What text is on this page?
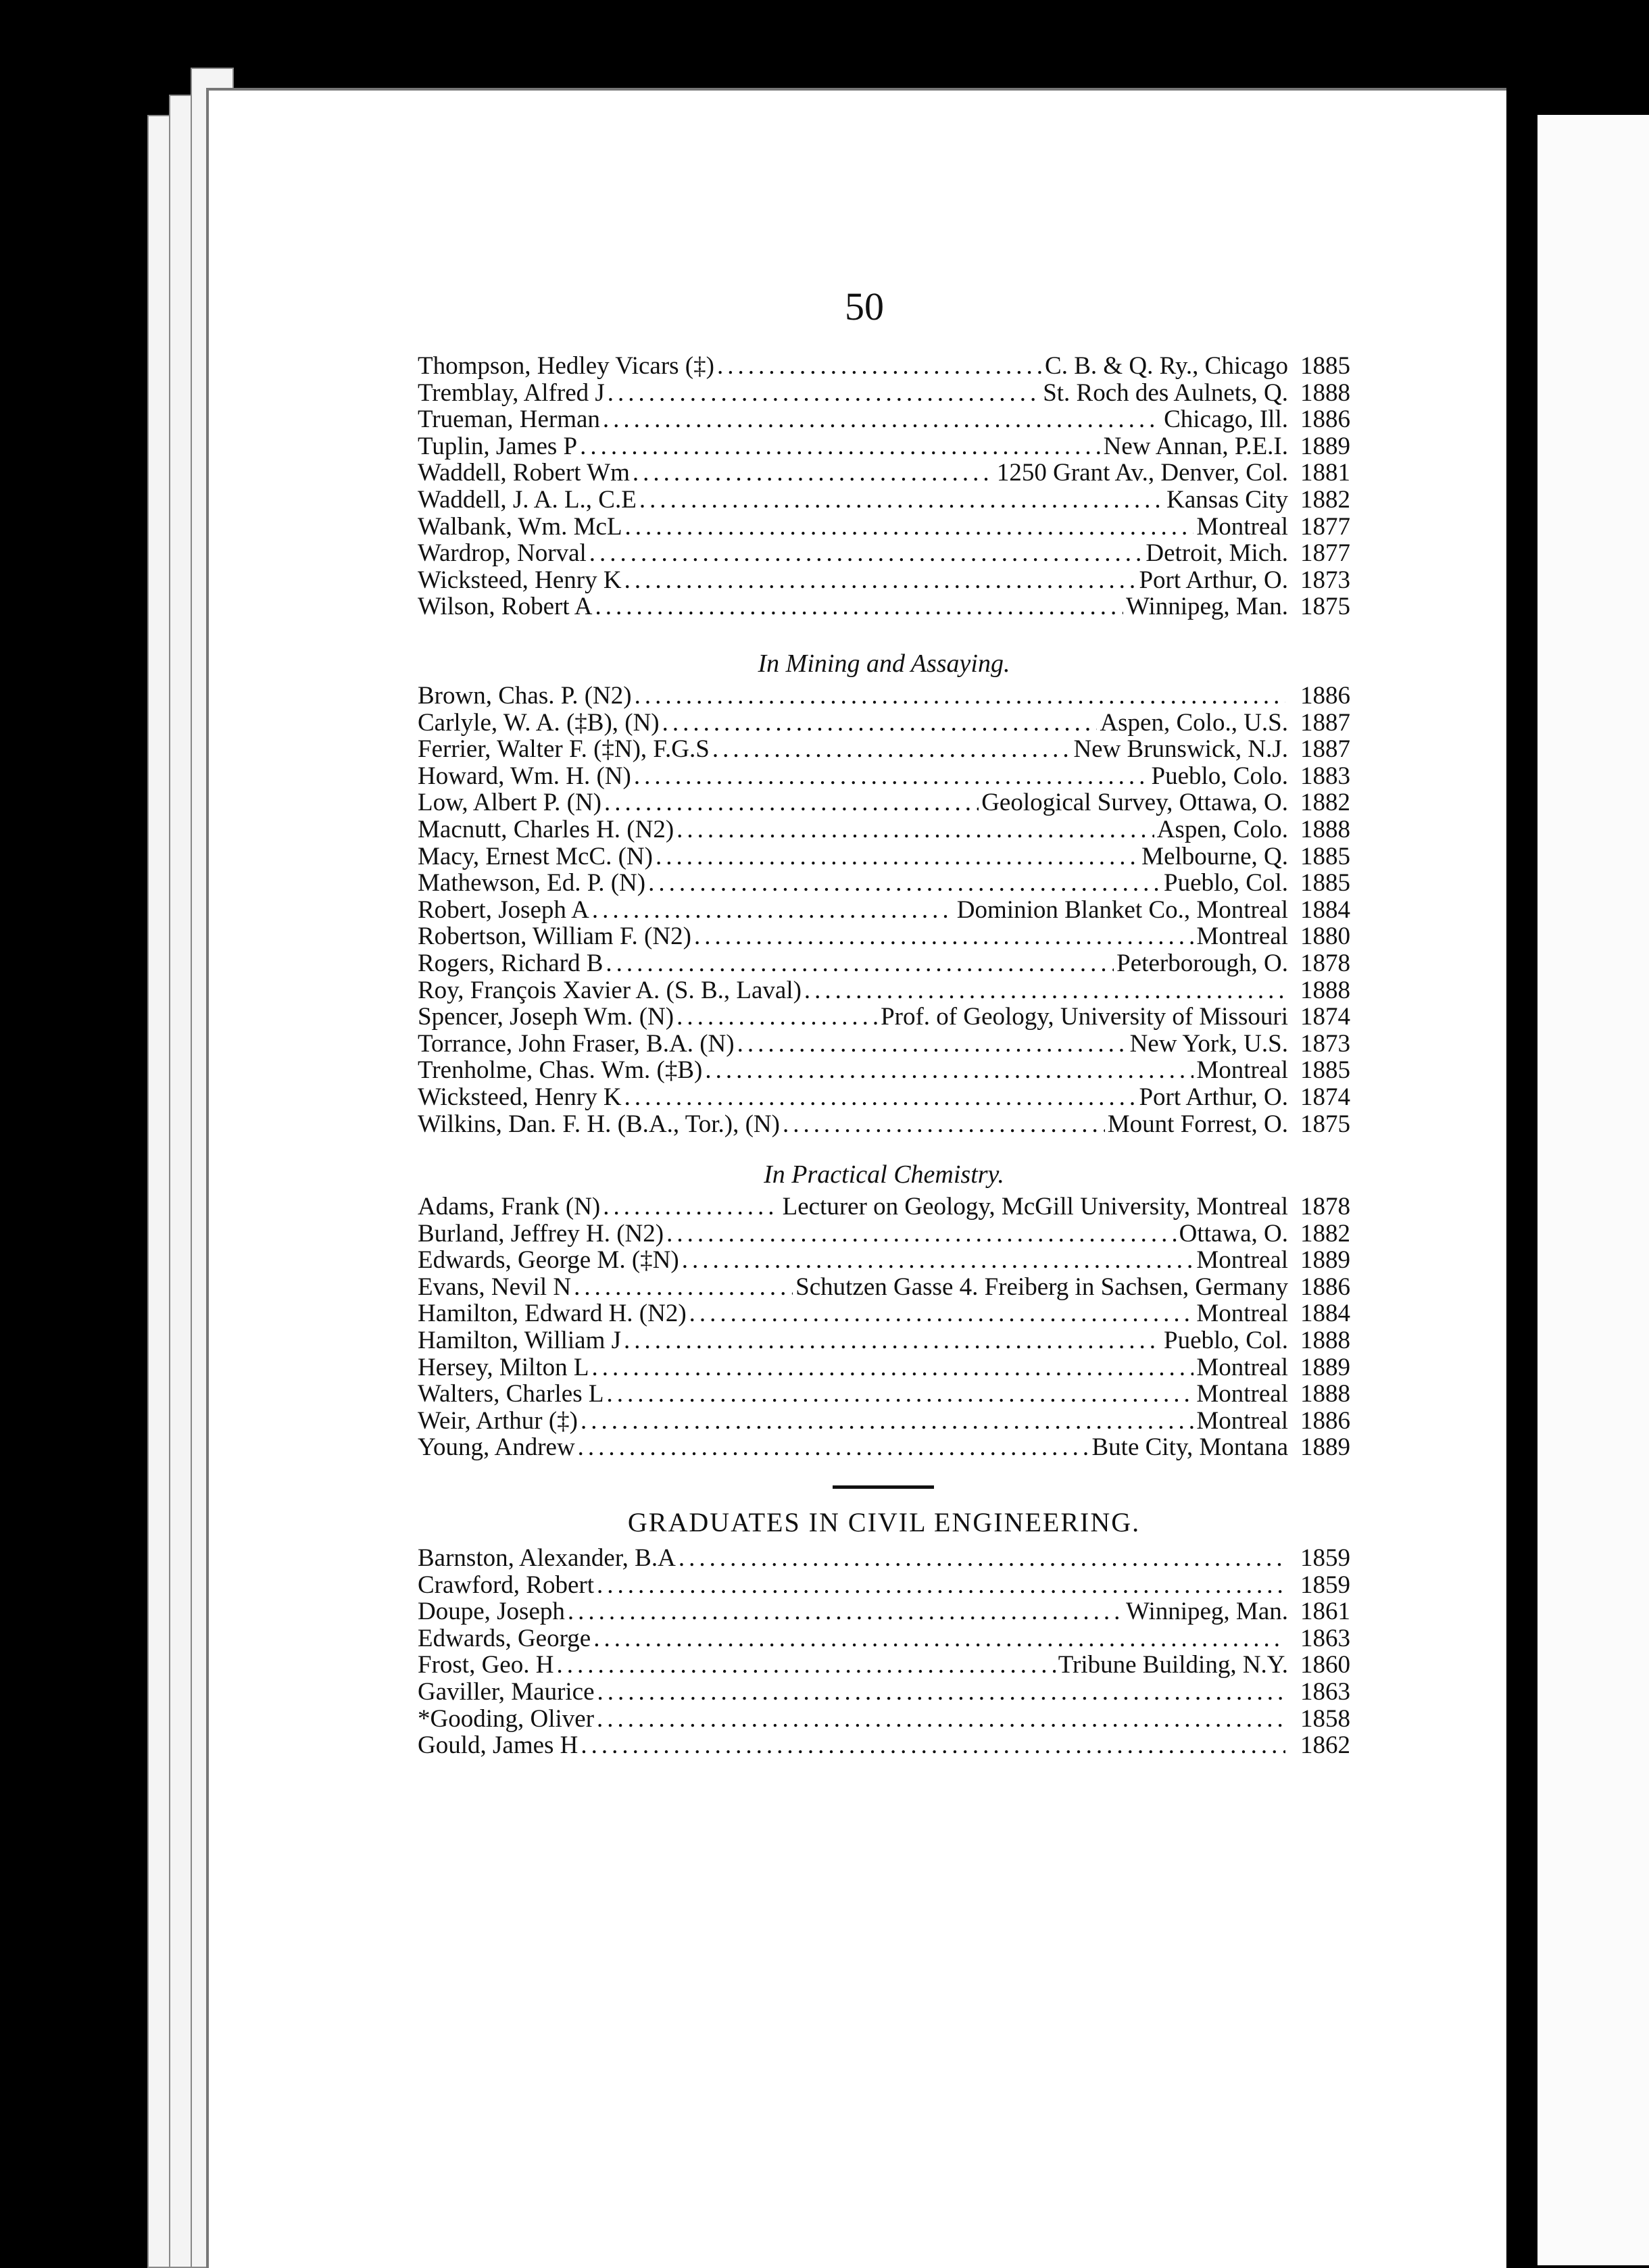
50
Thompson, Hedley Vicars (‡) .....	C. B. & Q. Ry., Chicago 1885
Tremblay, Alfred J .....	St. Roch des Aulnets, Q. 1888
Trueman, Herman .....	Chicago, Ill. 1886
Tuplin, James P .....	New Annan, P.E.I. 1889
Waddell, Robert Wm .....	1250 Grant Av., Denver, Col. 1881
Waddell, J. A. L., C.E .....	Kansas City 1882
Walbank, Wm. McL .....	Montreal 1877
Wardrop, Norval .....	Detroit, Mich. 1877
Wicksteed, Henry K .....	Port Arthur, O. 1873
Wilson, Robert A .....	Winnipeg, Man. 1875
In Mining and Assaying.
Brown, Chas. P. (N2) .....	1886
Carlyle, W. A. (‡B), (N) .....	Aspen, Colo., U.S. 1887
Ferrier, Walter F. (‡N), F.G.S .....	New Brunswick, N.J. 1887
Howard, Wm. H. (N) .....	Pueblo, Colo. 1883
Low, Albert P. (N) .....	Geological Survey, Ottawa, O. 1882
Macnutt, Charles H. (N2) .....	Aspen, Colo. 1888
Macy, Ernest McC. (N) .....	Melbourne, Q. 1885
Mathewson, Ed. P. (N) .....	Pueblo, Col. 1885
Robert, Joseph A .....	Dominion Blanket Co., Montreal 1884
Robertson, William F. (N2) .....	Montreal 1880
Rogers, Richard B .....	Peterborough, O. 1878
Roy, François Xavier A. (S. B., Laval) .....	1888
Spencer, Joseph Wm. (N) .....	Prof. of Geology, University of Missouri 1874
Torrance, John Fraser, B.A. (N) .....	New York, U.S. 1873
Trenholme, Chas. Wm. (‡B) .....	Montreal 1885
Wicksteed, Henry K .....	Port Arthur, O. 1874
Wilkins, Dan. F. H. (B.A., Tor.), (N) .....	Mount Forrest, O. 1875
In Practical Chemistry.
Adams, Frank (N) .....	Lecturer on Geology, McGill University, Montreal 1878
Burland, Jeffrey H. (N2) .....	Ottawa, O. 1882
Edwards, George M. (‡N) .....	Montreal 1889
Evans, Nevil N .....	Schutzen Gasse 4. Freiberg in Sachsen, Germany 1886
Hamilton, Edward H. (N2) .....	Montreal 1884
Hamilton, William J .....	Pueblo, Col. 1888
Hersey, Milton L .....	Montreal 1889
Walters, Charles L .....	Montreal 1888
Weir, Arthur (‡) .....	Montreal 1886
Young, Andrew .....	Bute City, Montana 1889
GRADUATES IN CIVIL ENGINEERING.
Barnston, Alexander, B.A .....	1859
Crawford, Robert .....	1859
Doupe, Joseph .....	Winnipeg, Man. 1861
Edwards, George .....	1863
Frost, Geo. H .....	Tribune Building, N.Y. 1860
Gaviller, Maurice .....	1863
*Gooding, Oliver .....	1858
Gould, James H .....	1862
